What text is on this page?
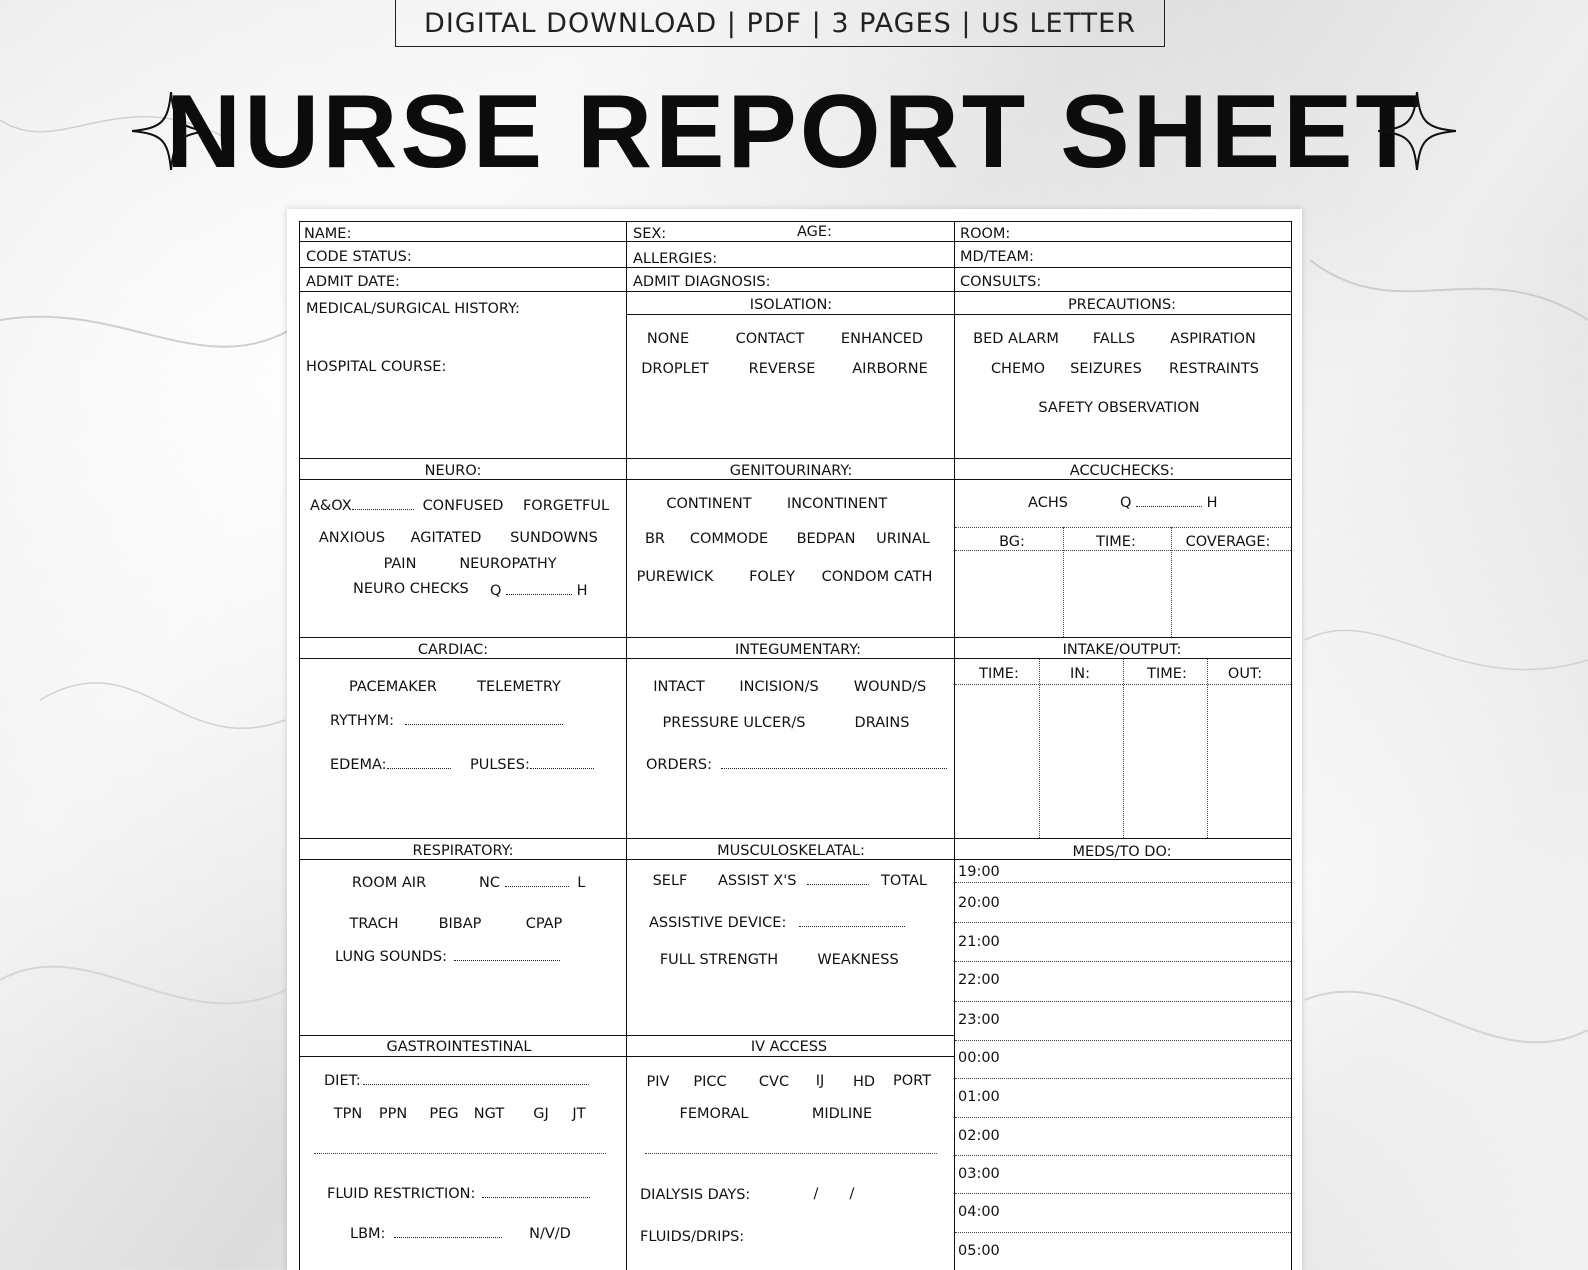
DIGITAL DOWNLOAD | PDF | 3 PAGES | US LETTER
NURSE REPORT SHEET
NAME:	SEX:	AGE:	ROOM:
CODE STATUS:	ALLERGIES:	MD/TEAM:
ADMIT DATE:	ADMIT DIAGNOSIS:	CONSULTS:
MEDICAL/SURGICAL HISTORY:
HOSPITAL COURSE:
ISOLATION:
NONE	CONTACT	ENHANCED
DROPLET	REVERSE	AIRBORNE
PRECAUTIONS:
BED ALARM FALLS ASPIRATION
CHEMO SEIZURES RESTRAINTS
SAFETY OBSERVATION
NEURO:
A&OX	CONFUSED FORGETFUL
ANXIOUS AGITATED SUNDOWNS
PAIN	NEUROPATHY
NEURO CHECKS Q	H
GENITOURINARY:
CONTINENT INCONTINENT
BR COMMODE BEDPAN URINAL
PUREWICK FOLEY CONDOM CATH
ACCUCHECKS:
ACHS	Q	H
BG:	TIME:	COVERAGE:
CARDIAC:
PACEMAKER	TELEMETRY
RYTHYM:
EDEMA:	PULSES:
INTEGUMENTARY:
INTACT INCISION/S WOUND/S
PRESSURE ULCER/S	DRAINS
ORDERS:
INTAKE/OUTPUT:
TIME:	IN:	TIME:	OUT:
RESPIRATORY:
ROOM AIR	NC	L
TRACH	BIBAP	CPAP
LUNG SOUNDS:
MUSCULOSKELATAL:
SELF ASSIST X'S	TOTAL
ASSISTIVE DEVICE:
FULL STRENGTH	WEAKNESS
MEDS/TO DO:
19:00
20:00
21:00
22:00
23:00
00:00
01:00
02:00
03:00
04:00
05:00
GASTROINTESTINAL
DIET:
TPN PPN PEG NGT GJ JT
FLUID RESTRICTION:
LBM:	N/V/D
IV ACCESS
PIV PICC CVC IJ HD PORT
FEMORAL	MIDLINE
DIALYSIS DAYS:	/ /
FLUIDS/DRIPS:
